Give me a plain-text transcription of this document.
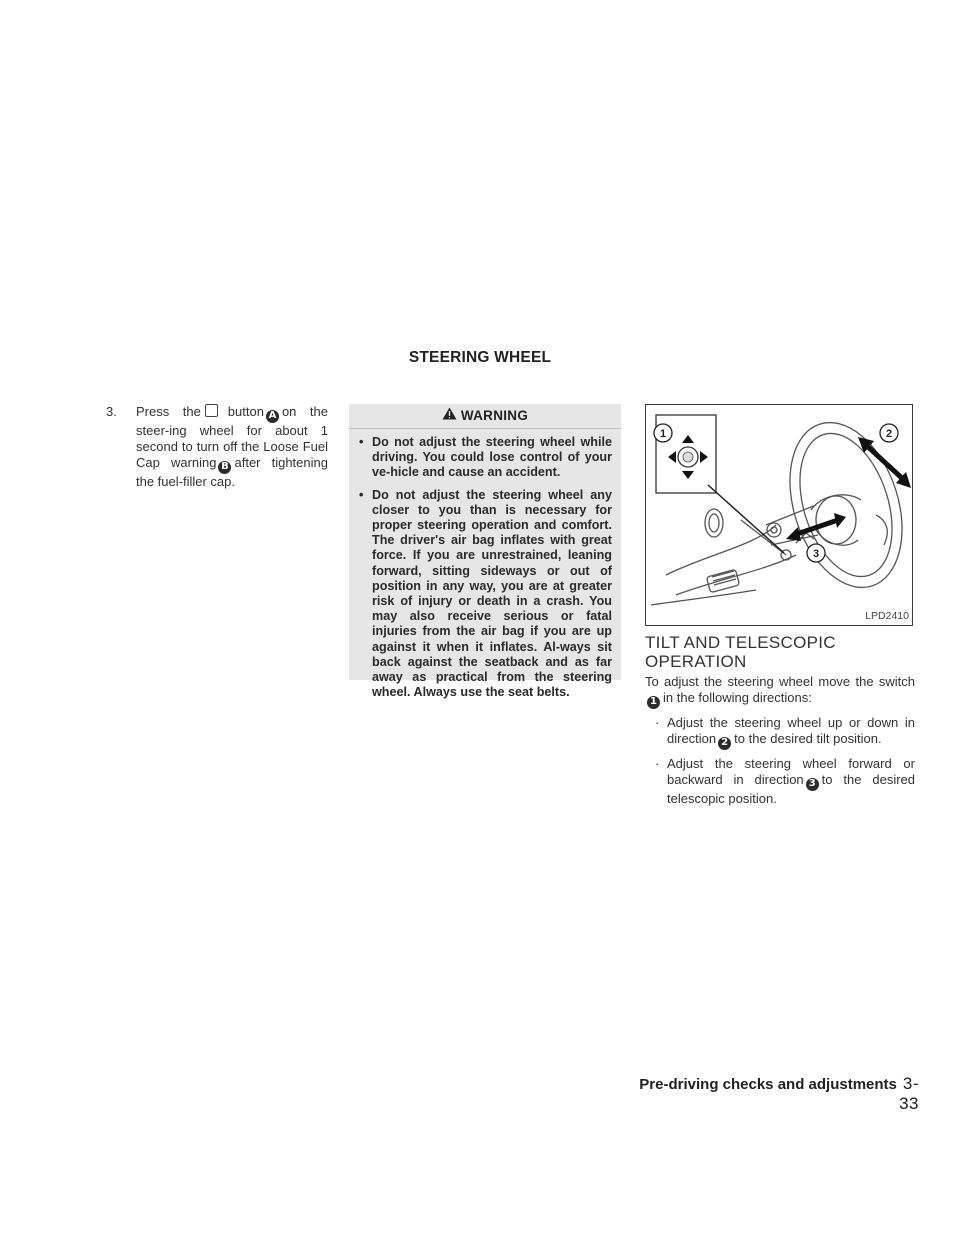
STEERING WHEEL
3. Press the button A on the steer-ing wheel for about 1 second to turn off the Loose Fuel Cap warning B after tightening the fuel-filler cap.
WARNING
• Do not adjust the steering wheel while driving. You could lose control of your ve-hicle and cause an accident.
• Do not adjust the steering wheel any closer to you than is necessary for proper steering operation and comfort. The driver's air bag inflates with great force. If you are unrestrained, leaning forward, sitting sideways or out of position in any way, you are at greater risk of injury or death in a crash. You may also receive serious or fatal injuries from the air bag if you are up against it when it inflates. Al-ways sit back against the seatback and as far away as practical from the steering wheel. Always use the seat belts.
1	2
3
LPD2410
TILT AND TELESCOPIC OPERATION
To adjust the steering wheel move the switch1 in the following directions:
· Adjust the steering wheel up or down in direction 2 to the desired tilt position.
· Adjust the steering wheel forward or backward in direction 3 to the desired telescopic position.
Pre-driving checks and adjustments 3-33
